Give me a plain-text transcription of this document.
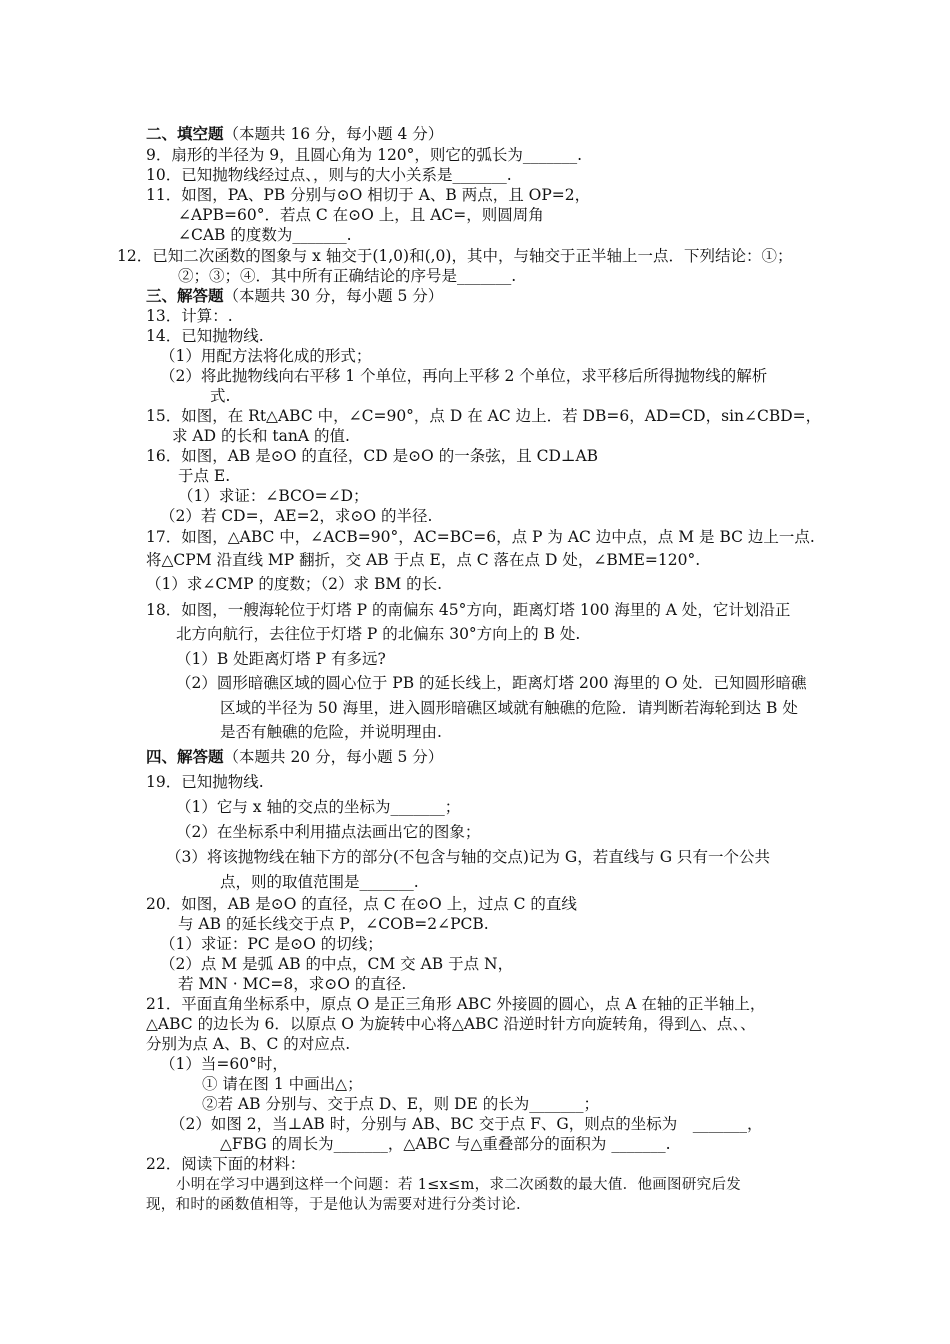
二、填空题（本题共 16 分，每小题 4 分）
9．扇形的半径为 9，且圆心角为 120°，则它的弧长为_______.
10．已知抛物线经过点、，则与的大小关系是_______.
11．如图，PA、PB 分别与⊙O 相切于 A、B 两点，且 OP=2，
∠APB=60°．若点 C 在⊙O 上，且 AC=，则圆周角
∠CAB 的度数为_______.
12．已知二次函数的图象与 x 轴交于(1,0)和(,0)，其中，与轴交于正半轴上一点．下列结论：①；
②；③；④．其中所有正确结论的序号是_______.
三、解答题（本题共 30 分，每小题 5 分）
13．计算：.
14．已知抛物线.
（1）用配方法将化成的形式；
（2）将此抛物线向右平移 1 个单位，再向上平移 2 个单位，求平移后所得抛物线的解析
式.
15．如图，在 Rt△ABC 中，∠C=90°，点 D 在 AC 边上．若 DB=6，AD=CD，sin∠CBD=，
求 AD 的长和 tanA 的值.
16．如图，AB 是⊙O 的直径，CD 是⊙O 的一条弦，且 CD⊥AB
于点 E.
（1）求证：∠BCO=∠D；
（2）若 CD=，AE=2，求⊙O 的半径.
17．如图，△ABC 中，∠ACB=90°，AC=BC=6，点 P 为 AC 边中点，点 M 是 BC 边上一点.
将△CPM 沿直线 MP 翻折，交 AB 于点 E，点 C 落在点 D 处，∠BME=120°.
（1）求∠CMP 的度数；（2）求 BM 的长.
18．如图，一艘海轮位于灯塔 P 的南偏东 45°方向，距离灯塔 100 海里的 A 处，它计划沿正
北方向航行，去往位于灯塔 P 的北偏东 30°方向上的 B 处.
（1）B 处距离灯塔 P 有多远?
（2）圆形暗礁区域的圆心位于 PB 的延长线上，距离灯塔 200 海里的 O 处．已知圆形暗礁
区域的半径为 50 海里，进入圆形暗礁区域就有触礁的危险．请判断若海轮到达 B 处
是否有触礁的危险，并说明理由.
四、解答题（本题共 20 分，每小题 5 分）
19．已知抛物线.
（1）它与 x 轴的交点的坐标为_______；
（2）在坐标系中利用描点法画出它的图象；
（3）将该抛物线在轴下方的部分(不包含与轴的交点)记为 G，若直线与 G 只有一个公共
点，则的取值范围是_______.
20．如图，AB 是⊙O 的直径，点 C 在⊙O 上，过点 C 的直线
与 AB 的延长线交于点 P，∠COB=2∠PCB.
（1）求证：PC 是⊙O 的切线；
（2）点 M 是弧 AB 的中点，CM 交 AB 于点 N，
若 MN · MC=8，求⊙O 的直径.
21．平面直角坐标系中，原点 O 是正三角形 ABC 外接圆的圆心，点 A 在轴的正半轴上，
△ABC 的边长为 6．以原点 O 为旋转中心将△ABC 沿逆时针方向旋转角，得到△、点、、
分别为点 A、B、C 的对应点.
（1）当=60°时，
① 请在图 1 中画出△；
②若 AB 分别与、交于点 D、E，则 DE 的长为_______；
（2）如图 2，当⊥AB 时，分别与 AB、BC 交于点 F、G，则点的坐标为　_______，
△FBG 的周长为_______，△ABC 与△重叠部分的面积为 _______.
22．阅读下面的材料：
小明在学习中遇到这样一个问题：若 1≤x≤m，求二次函数的最大值．他画图研究后发
现，和时的函数值相等，于是他认为需要对进行分类讨论.
